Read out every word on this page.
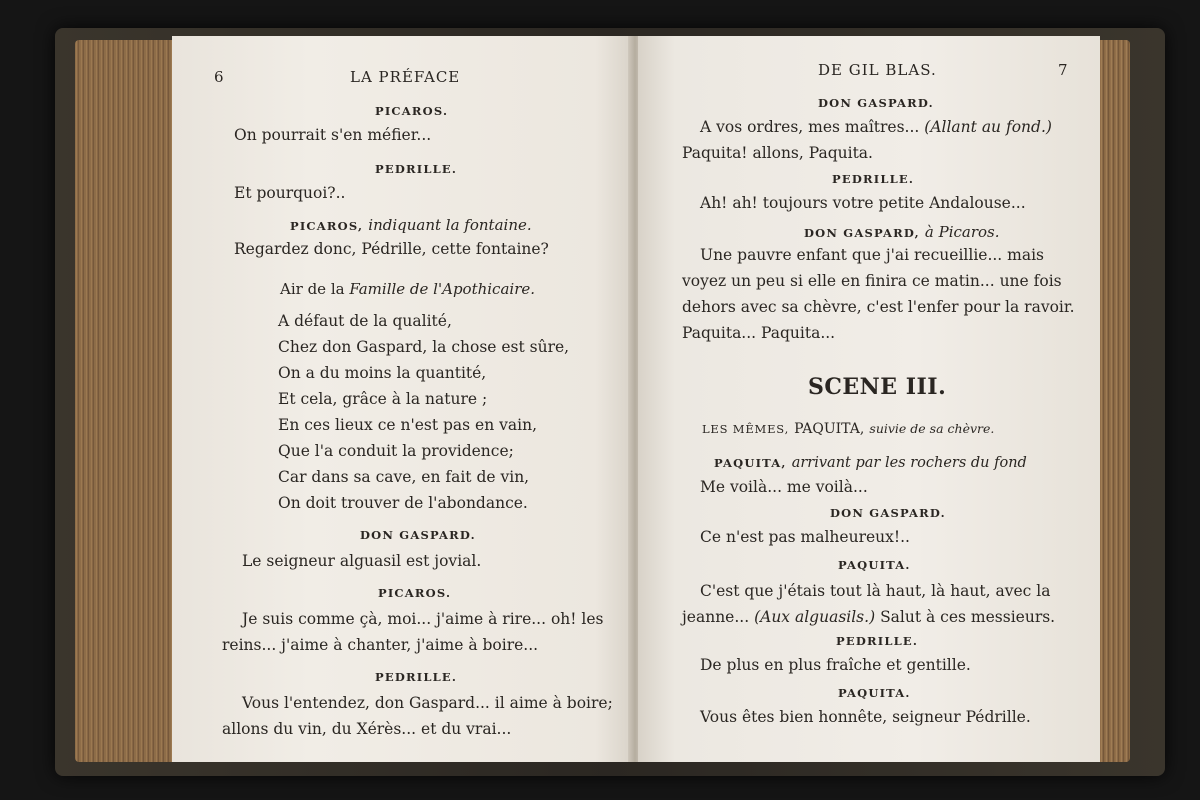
6	LA PRÉFACE
PICAROS.
On pourrait s'en méfier...
PEDRILLE.
Et pourquoi?..
PICAROS, indiquant la fontaine.
Regardez donc, Pédrille, cette fontaine?
Air de la Famille de l'Apothicaire.
A défaut de la qualité,
Chez don Gaspard, la chose est sûre,
On a du moins la quantité,
Et cela, grâce à la nature ;
En ces lieux ce n'est pas en vain,
Que l'a conduit la providence;
Car dans sa cave, en fait de vin,
On doit trouver de l'abondance.
DON GASPARD.
Le seigneur alguasil est jovial.
PICAROS.
Je suis comme çà, moi... j'aime à rire... oh! les
reins... j'aime à chanter, j'aime à boire...
PEDRILLE.
Vous l'entendez, don Gaspard... il aime à boire;
allons du vin, du Xérès... et du vrai...
DE GIL BLAS.	7
DON GASPARD.
A vos ordres, mes maîtres... (Allant au fond.)
Paquita! allons, Paquita.
PEDRILLE.
Ah! ah! toujours votre petite Andalouse...
DON GASPARD, à Picaros.
Une pauvre enfant que j'ai recueillie... mais
voyez un peu si elle en finira ce matin... une fois
dehors avec sa chèvre, c'est l'enfer pour la ravoir.
Paquita... Paquita...
SCENE III.
LES MÊMES, PAQUITA, suivie de sa chèvre.
PAQUITA, arrivant par les rochers du fond
Me voilà... me voilà...
DON GASPARD.
Ce n'est pas malheureux!..
PAQUITA.
C'est que j'étais tout là haut, là haut, avec la
jeanne... (Aux alguasils.) Salut à ces messieurs.
PEDRILLE.
De plus en plus fraîche et gentille.
PAQUITA.
Vous êtes bien honnête, seigneur Pédrille.
